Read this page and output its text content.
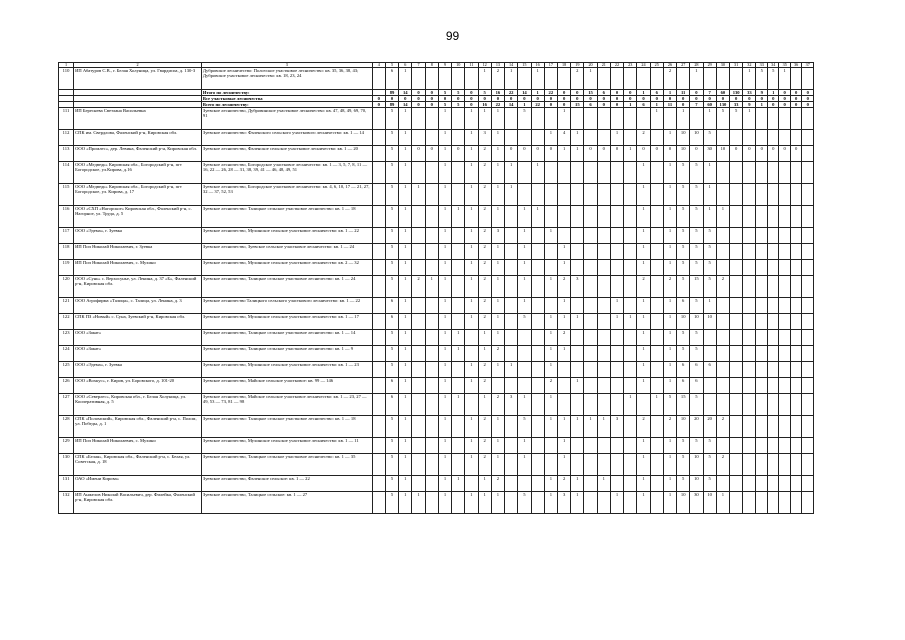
99
1	2	3	4	5	6	7	8	9	10	11	12	13	14	15	16	17	18	19	20	21	22	23	24	25	26	27	28	29	30	31	32	33	34	35	36	37
110	ИП Абатуров С.В., г. Белая Холуница, ул. Гвардиcпа, д. 130-3	Дубровское лесничество: Полоvское участковое лесничество: кв. 35, 36, 38, 43; Дубровское участковое лесничество: кв. 18, 23, 24		6	1						1	2	1		1			2	1						2		1				1	5	5	1		
		Итого по лесничеству:		89	14	0	0	5	5	0	5	16	22	14	1	22	0	0	15	6	0	0	1	6	1	11	0	7	60	130	33	9	1	0	0	0
		Все участковые лесничества	0	0	0	0	0	0	0	0	0	0	0	0	0	0	0	0	0	0	0	0	0	0	0	0	0	0	0	0	0	0	0	0	0	0
		Всего по лесничеству:	0	89	14	0	0	5	5	0	16	22	14	1	22	0	0	15	6	0	0	1	6	1	11	0	7	60	130	33	9	1	0	0	0	0
111	ИП Береснева Светлана Васильевна	Зуевское лесничество, Дубровинское участковое лесничество: кв. 47, 48, 49, 69, 70, 91		5	1			1		1	1	1		5			1							1		1		1	5	5	1					
112	СПК им. Свердлова, Фаленский р-н, Кировская обл.	Зуевское лесничество: Фаленского сельского участкового лесничество: кв. 1 — 14		5	1			1		1	3	1				1	4	1			1		2		1	10	10	5								
113	ООО «Промлес», дер. Левина, Фаленский р-н, Кировская обл.	Зуевское лесничество, Фаленское сельское участковое лесничество: кв. 1 — 20		5	1	0	0	1	0	1	2	1	0	0	0	0	1	1	0	0	0	1	0	0	0	10	0	30	10	0	0	0	0	0	0	
114	ООО «Медведь» Кировская обл., Богородский р-н, пгт Богородское, ул.Кирова, д.16	Зуевское лесничество, Богородское участковое лесничество: кв. 1 — 3, 5, 7, 8, 11 — 16, 22 — 26, 28 — 31, 38, 39, 41 — 46, 48, 49, 51		5	1			1		1	2	1	1		1								1		1	5	5	1								
115	ООО «Медведь» Кировская обл., Богородский р-н, пгт Богородское, ул. Кирова, д. 17	Зуевское лесничество, Богородское участковое лесничество: кв. 4, 6, 10, 17 — 21, 27, 32 — 37, 52, 53		5	1	1		1		1	2	1	1										1		1	5	5	1								
116	ООО «СХП «Нагорское» Кировская обл., Фаленский р-н, с. Нагорное, ул. Труда, д. 5	Зуевское лесничество: Талицкое сельское участковое лесничество: кв. 1 — 18		5	1			1	1	1	2	1		1	1								1		1	5	5	1	1							
117	ООО «Эдема», г. Зуевка	Зуевское лесничество, Мухинское сельское участковое лесничество: кв. 1 — 22		5	1			1		1	2	3		1		1							1		1	5	5	5								
118	ИП Поп Николай Николаевич, г. Зуевка	Зуевское лесничество, Зуевское сельское участковое лесничество: кв. 1 — 24		5	1			1		1	2	1		1			1						1		1	5	5	5								
119	ИП Поп Николай Николаевич, с. Мухино	Зуевское лесничество, Мухинское сельское участковое лесничество: кв. 2 — 32		5	1			1		1	2	1		1			1						1		1	5	5	5								
120	ООО «Сунь» с. Верхосунье, ул. Ленина, д. 37 «Б», Фаленский р-н, Кировская обл.	Зуевское лесничество, Талицкое сельское участковое лесничество: кв. 1 — 24		5	1	2	1	1		1	2	1		1		1	2	3					2		2	5	15	5	2							
121	ООО Агрофирма «Талица», с. Талица, ул. Ленина, д. 3	Зуевское лесничество Талицкого сельского участкового лесничество: кв. 1 — 22		6	1			1		1	2	1		1			1				1		1		1	6	5	1								
122	СПК ПЗ «Новый» с. Суна, Зуевский р-н, Кировская обл.	Зуевское лесничество, Мухинское сельское участковое лесничество: кв. 1 — 17		6	1			1		1	2	1		5		1	1	1			1	1	1		1	10	10	10								
123	ООО «Закат»	Зуевское лесничество, Талицкое сельское участковое лесничество: кв. 1 — 14		5	1			1	1		1	1				1	2						1		1	5	5									
124	ООО «Закат»	Зуевское лесничество, Талицкое сельское участковое лесничество: кв. 1 — 9		5	1			1	1		1	2				1	1						1		1	5	5									
125	ООО «Эдема», г. Зуевка	Зуевское лесничество, Мухинское сельское участковое лесничество: кв. 1 — 23		5	1			1		1	2	1	1			1							1		1	6	6	6								
126	ООО «Вохкус», г. Киров, ул. Боровского, д. 101-20	Зуевское лесничество, Майское сельское участковое: кв. 99 — 146		6	1			1		1	2					2		1					1		1	6	6									
127	ООО «Северлес», Кировская обл., г. Белая Холуница, ул. Кооперативная, д. 5	Зуевское лесничество, Майское сельское участковое лесничество: кв. 1 — 23, 27 — 49, 53 — 73, 81 — 98		6	1			1	1		1	2	3	1		1						1		1	5	15	5									
128	СПК «Поломский», Кировская обл., Фаленский р-н, с. Полом, ул. Победы, д. 1	Зуевское лесничество: Талицкое сельское участковое лесничество: кв. 1 — 18		5	1			1		1	2	1		5		1	1	1	1	1	3		2		2	10	20	20	2							
129	ИП Поп Николай Николаевич, с. Мухино	Зуевское лесничество, Мухинское сельское участковое лесничество: кв. 1 — 11		5	1			1		1	2	1		1			1						1		1	5	5	5								
130	СПК «Белая», Кировская обл., Фаленский р-н, с. Белая, ул. Советская, д. 18	Зуевское лесничество, Талицкое сельское участковое лесничество: кв. 1 — 35		5	1			1		1	2	1		1			1						1		1	5	10	5	2							
131	ОАО «Имени Кирова»	Зуевское лесничество, Фаленское сельское: кв. 1 — 22		5	1			1	1		1	2				1	2	1		1			1		1	5	10	5								
132	ИП Анжелов Николай Васильевич, дер. Филейка, Фаленский р-н, Кировская обл.	Зуевское лесничество, Талицкое сельское: кв. 1 — 27		5	1	1		1		1	1	1		5		1	3	1			1		1		1	10	30	10	1							
